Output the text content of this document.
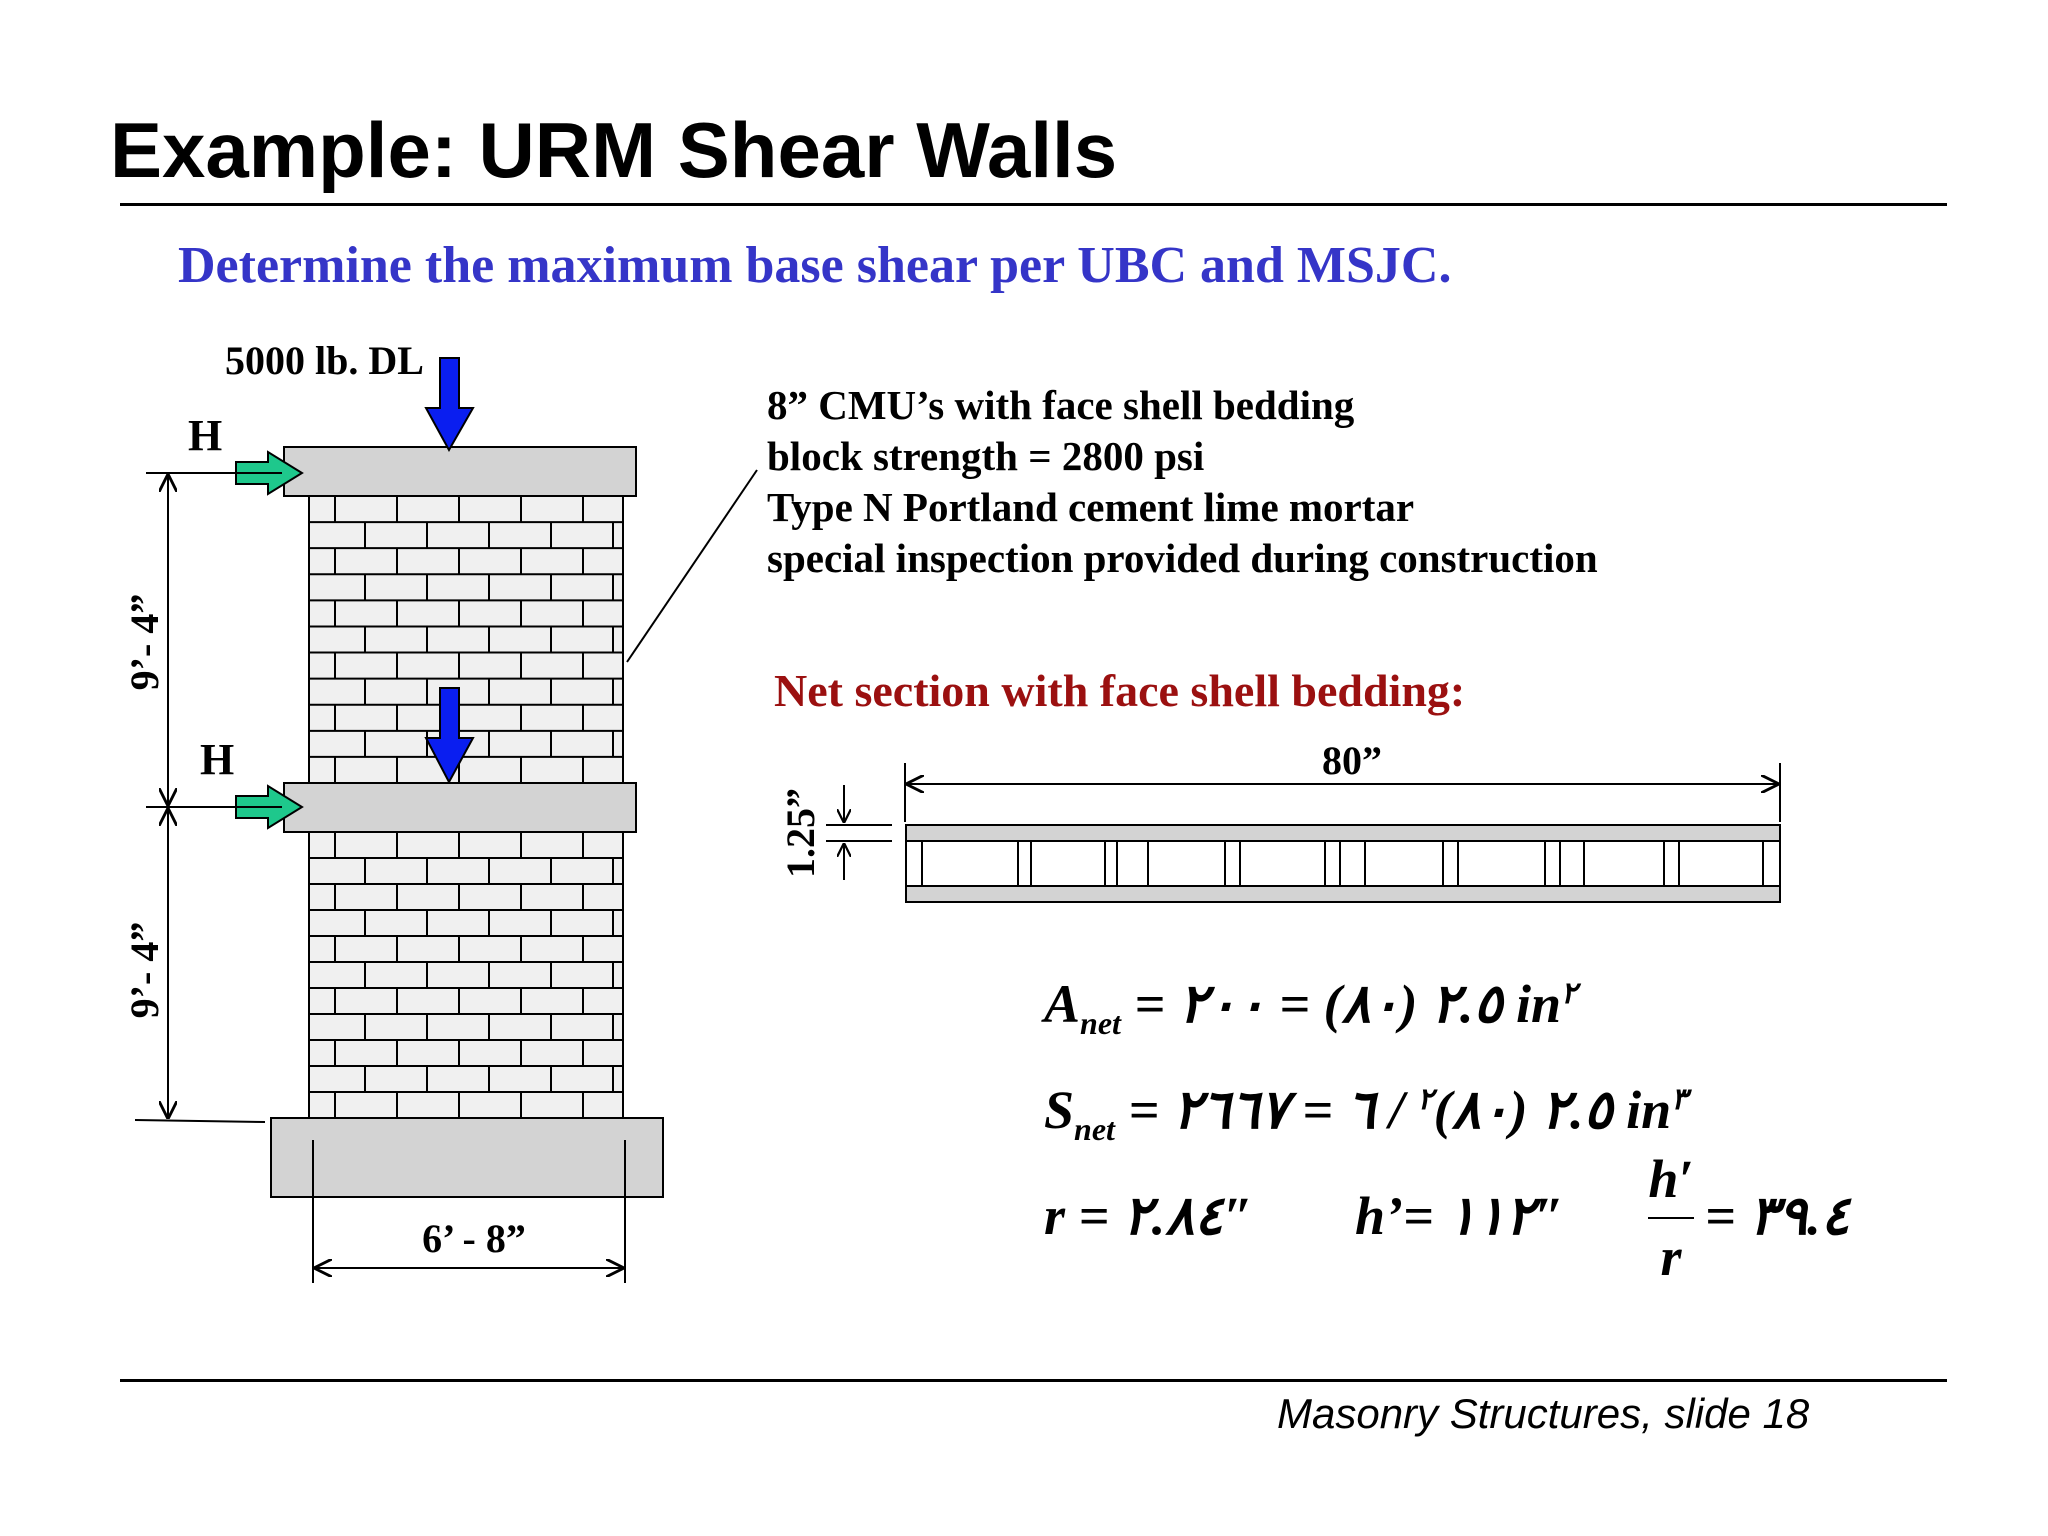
Example: URM Shear Walls
Determine the maximum base shear per UBC and MSJC.
5000 lb. DL
H
H
9’- 4”
9’- 4”
6’ - 8”
80”
1.25”
8” CMU’s with face shell bedding
block strength = 2800 psi
Type N Portland cement lime mortar
special inspection provided during construction
Net section with face shell bedding:
$A_{net}$ = ٢.٥ (٨٠) = ٢٠٠ $in^٢$
$S_{net}$ = ٢.٥ (٨٠)$^٢$ / ٦ = ٢٦٦٧ $in^٣$
r = ٢.٨٤″ h’= ١١٢″
h′
r
= ٣٩.٤
Masonry Structures, slide 18
